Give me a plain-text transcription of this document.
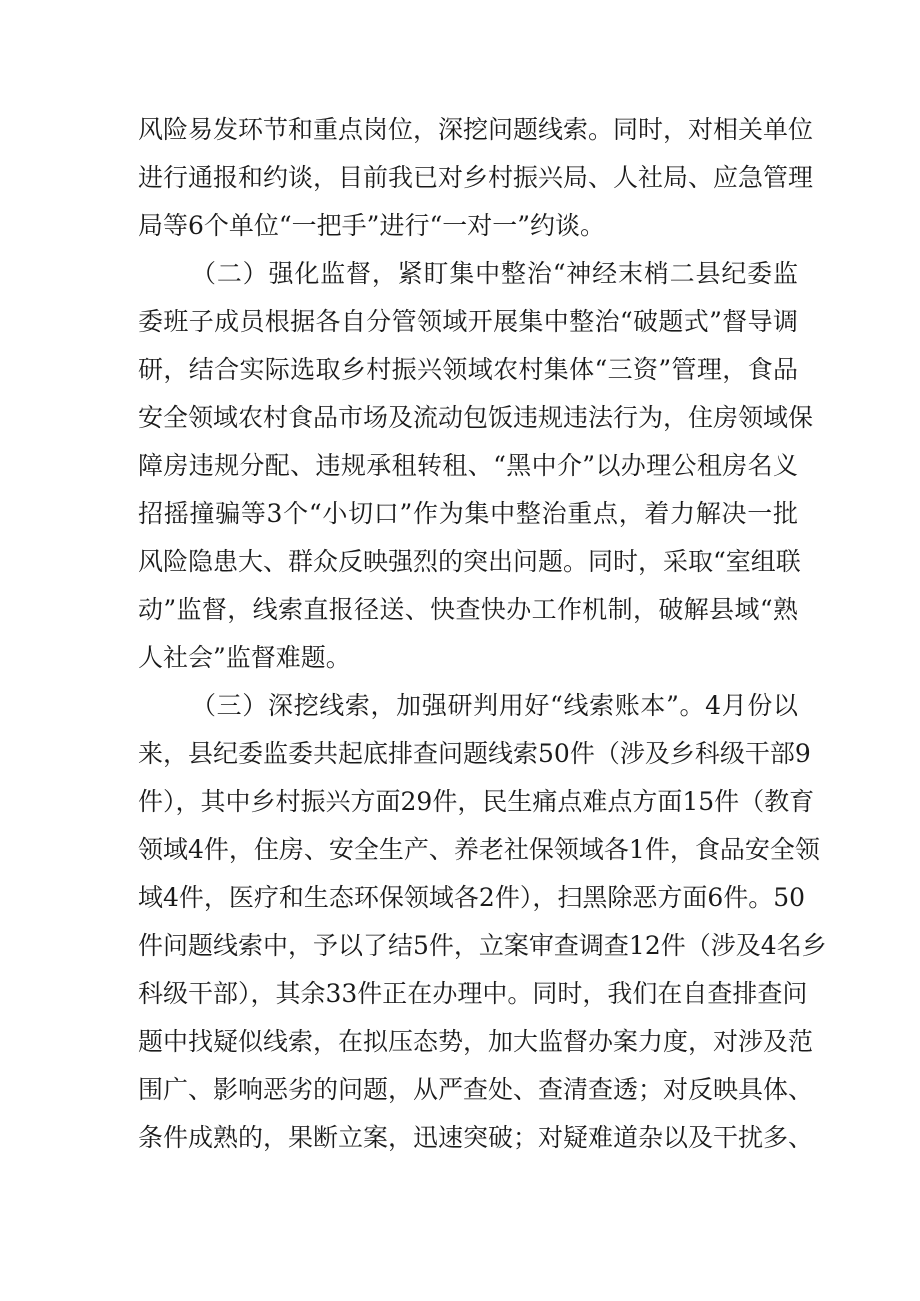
风险易发环节和重点岗位，深挖问题线索。同时，对相关单位
进行通报和约谈，目前我已对乡村振兴局、人社局、应急管理
局等6个单位“一把手”进行“一对一”约谈。
（二）强化监督，紧盯集中整治“神经末梢二县纪委监
委班子成员根据各自分管领域开展集中整治“破题式”督导调
研，结合实际选取乡村振兴领域农村集体“三资”管理，食品
安全领域农村食品市场及流动包饭违规违法行为，住房领域保
障房违规分配、违规承租转租、“黑中介”以办理公租房名义
招摇撞骗等3个“小切口”作为集中整治重点，着力解决一批
风险隐患大、群众反映强烈的突出问题。同时，采取“室组联
动”监督，线索直报径送、快查快办工作机制，破解县域“熟
人社会”监督难题。
（三）深挖线索，加强研判用好“线索账本”。4月份以
来，县纪委监委共起底排查问题线索50件（涉及乡科级干部9
件），其中乡村振兴方面29件，民生痛点难点方面15件（教育
领域4件，住房、安全生产、养老社保领域各1件，食品安全领
域4件，医疗和生态环保领域各2件），扫黑除恶方面6件。50
件问题线索中，予以了结5件，立案审查调查12件（涉及4名乡
科级干部），其余33件正在办理中。同时，我们在自查排查问
题中找疑似线索，在拟压态势，加大监督办案力度，对涉及范
围广、影响恶劣的问题，从严查处、查清查透；对反映具体、
条件成熟的，果断立案，迅速突破；对疑难道杂以及干扰多、
